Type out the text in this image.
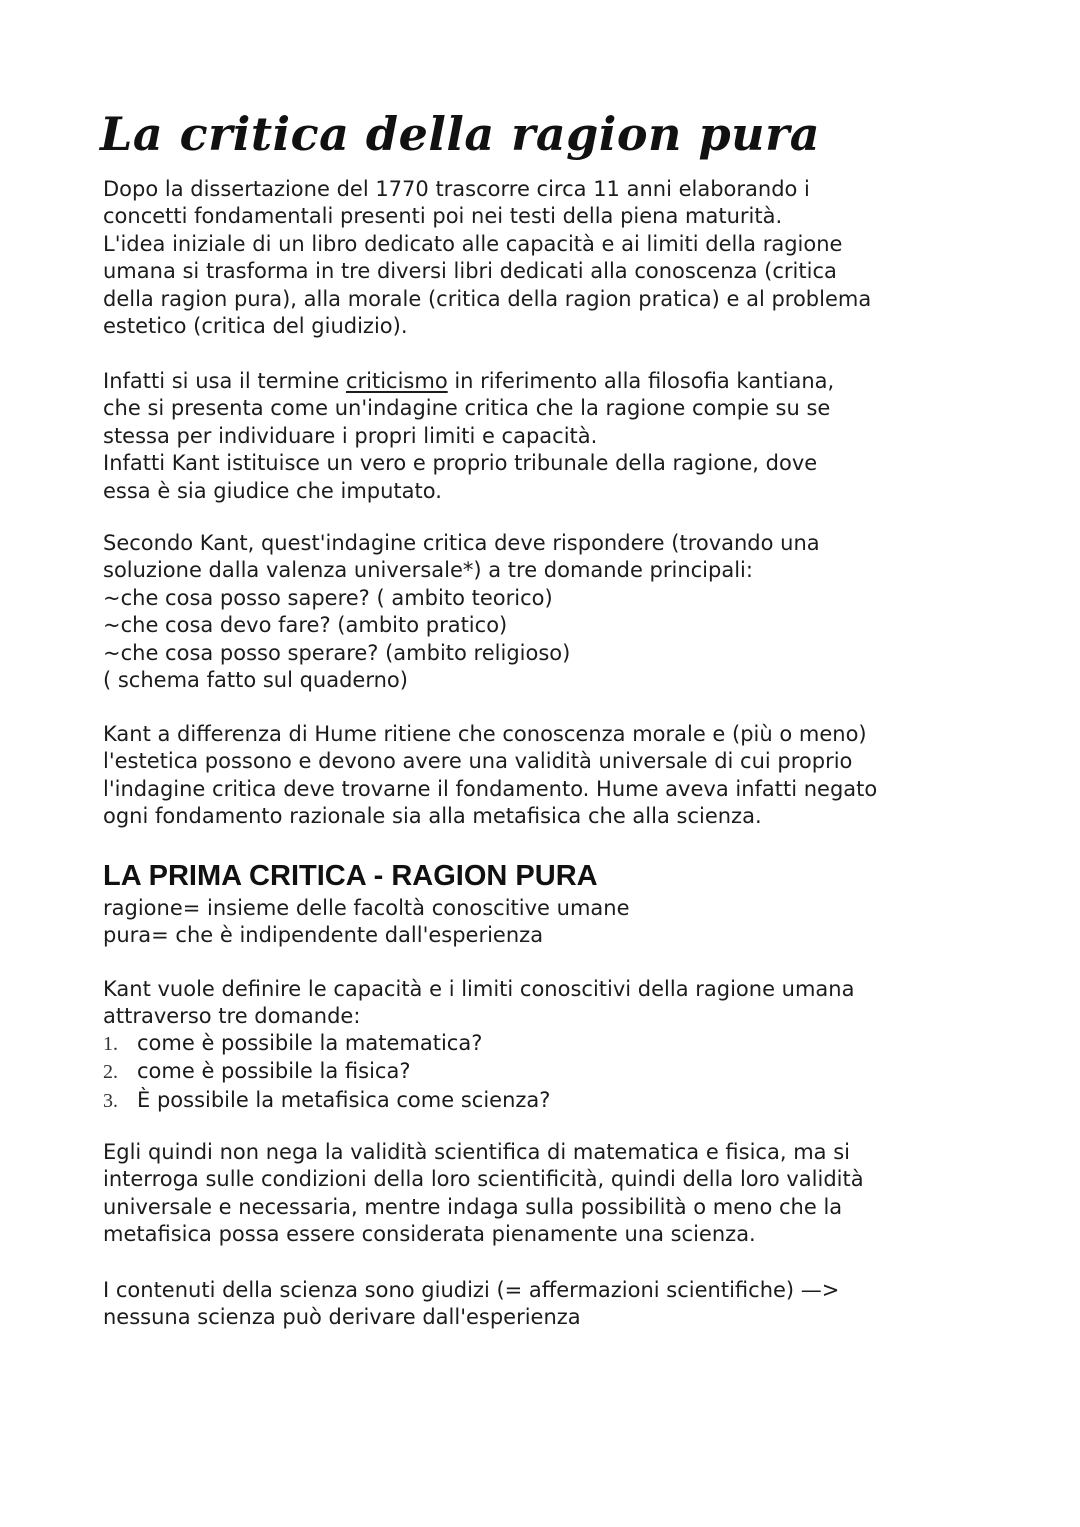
La critica della ragion pura

Dopo la dissertazione del 1770 trascorre circa 11 anni elaborando i
concetti fondamentali presenti poi nei testi della piena maturità.
L'idea iniziale di un libro dedicato alle capacità e ai limiti della ragione
umana si trasforma in tre diversi libri dedicati alla conoscenza (critica
della ragion pura), alla morale (critica della ragion pratica) e al problema
estetico (critica del giudizio).

Infatti si usa il termine criticismo in riferimento alla filosofia kantiana,
che si presenta come un'indagine critica che la ragione compie su se
stessa per individuare i propri limiti e capacità.
Infatti Kant istituisce un vero e proprio tribunale della ragione, dove
essa è sia giudice che imputato.

Secondo Kant, quest'indagine critica deve rispondere (trovando una
soluzione dalla valenza universale*) a tre domande principali:
~che cosa posso sapere? ( ambito teorico)
~che cosa devo fare? (ambito pratico)
~che cosa posso sperare? (ambito religioso)
( schema fatto sul quaderno)

Kant a differenza di Hume ritiene che conoscenza morale e (più o meno)
l'estetica possono e devono avere una validità universale di cui proprio
l'indagine critica deve trovarne il fondamento. Hume aveva infatti negato
ogni fondamento razionale sia alla metafisica che alla scienza.

LA PRIMA CRITICA - RAGION PURA

ragione= insieme delle facoltà conoscitive umane
pura= che è indipendente dall'esperienza

Kant vuole definire le capacità e i limiti conoscitivi della ragione umana
attraverso tre domande:

1. come è possibile la matematica?
2. come è possibile la fisica?
3. È possibile la metafisica come scienza?

Egli quindi non nega la validità scientifica di matematica e fisica, ma si
interroga sulle condizioni della loro scientificità, quindi della loro validità
universale e necessaria, mentre indaga sulla possibilità o meno che la
metafisica possa essere considerata pienamente una scienza.

I contenuti della scienza sono giudizi (= affermazioni scientifiche) —>
nessuna scienza può derivare dall'esperienza
